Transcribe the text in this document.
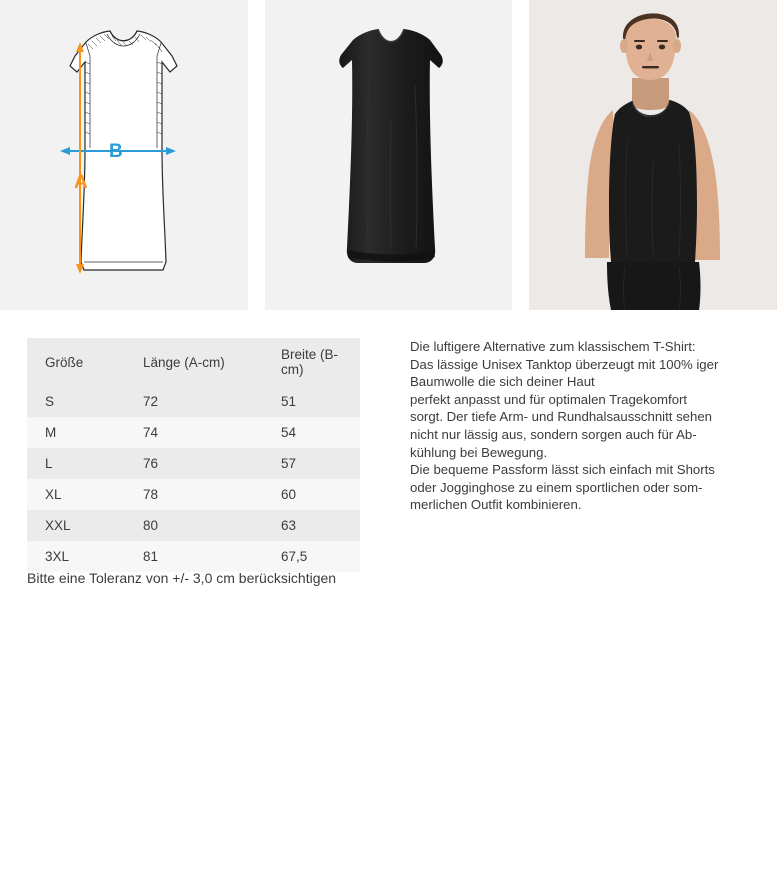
B
A
Größe	Länge (A-cm)	Breite (B-cm)
S	72	51
M	74	54
L	76	57
XL	78	60
XXL	80	63
3XL	81	67,5

Die luftigere Alternative zum klassischem T-Shirt:

Das lässige Unisex Tanktop überzeugt mit 100% iger

Baumwolle die sich deiner Haut

perfekt anpasst und für optimalen Tragekomfort

sorgt. Der tiefe Arm- und Rundhalsausschnitt sehen

nicht nur lässig aus, sondern sorgen auch für Ab-

kühlung bei Bewegung.

Die bequeme Passform lässt sich einfach mit Shorts

oder Jogginghose zu einem sportlichen oder som-

merlichen Outfit kombinieren.

Bitte eine Toleranz von +/- 3,0 cm berücksichtigen
